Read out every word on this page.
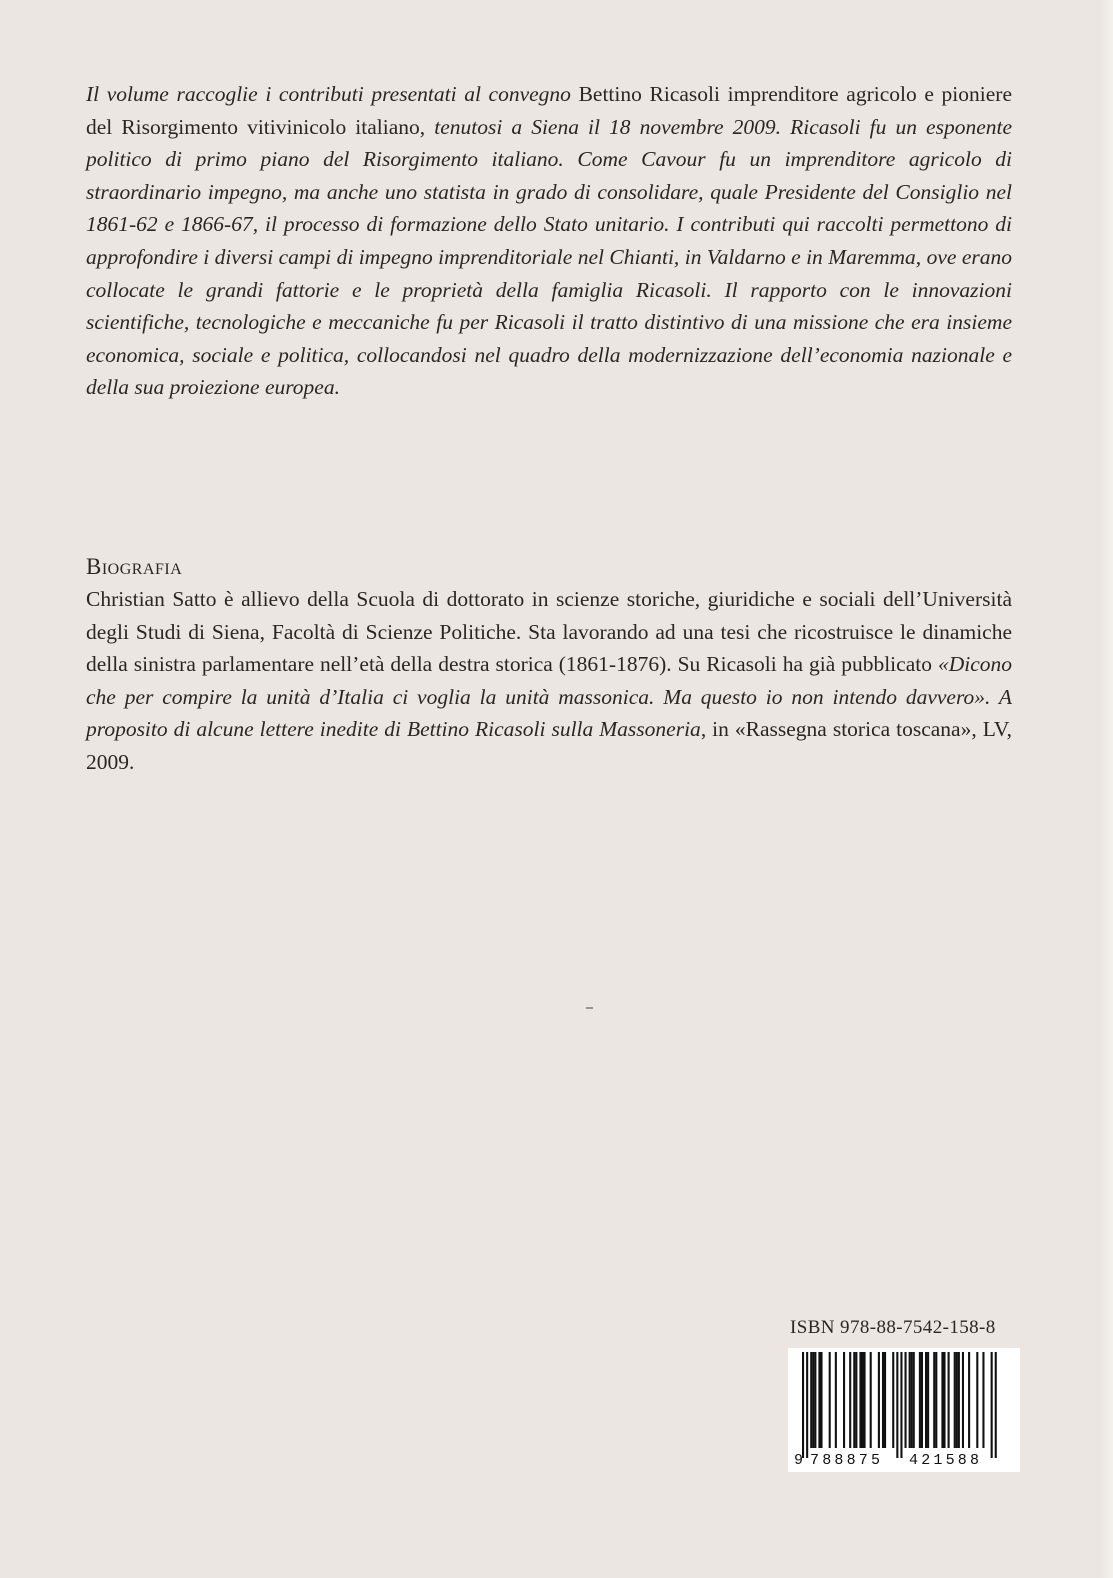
Il volume raccoglie i contributi presentati al convegno Bettino Ricasoli imprenditore agricolo e pioniere del Risorgimento vitivinicolo italiano, tenutosi a Siena il 18 novembre 2009. Ricasoli fu un esponente politico di primo piano del Risorgimento italiano. Come Cavour fu un imprenditore agricolo di straordinario impegno, ma anche uno statista in grado di consolidare, quale Presidente del Consiglio nel 1861-62 e 1866-67, il processo di formazione dello Stato unitario. I contributi qui raccolti permettono di approfondire i diversi campi di impegno imprenditoriale nel Chianti, in Valdarno e in Maremma, ove erano collocate le grandi fattorie e le proprietà della famiglia Ricasoli. Il rapporto con le innovazioni scientifiche, tecnologiche e meccaniche fu per Ricasoli il tratto distintivo di una missione che era insieme economica, sociale e politica, collocandosi nel quadro della modernizzazione dell’economia nazionale e della sua proiezione europea.

Biografia

Christian Satto è allievo della Scuola di dottorato in scienze storiche, giuridiche e sociali dell’Università degli Studi di Siena, Facoltà di Scienze Politiche. Sta lavorando ad una tesi che ricostruisce le dinamiche della sinistra parlamentare nell’età della destra storica (1861-1876). Su Ricasoli ha già pubblicato «Dicono che per compire la unità d’Italia ci voglia la unità massonica. Ma questo io non intendo davvero». A proposito di alcune lettere inedite di Bettino Ricasoli sulla Massoneria, in «Rassegna storica toscana», LV, 2009.

ISBN 978-88-7542-158-8
9 788875 421588
